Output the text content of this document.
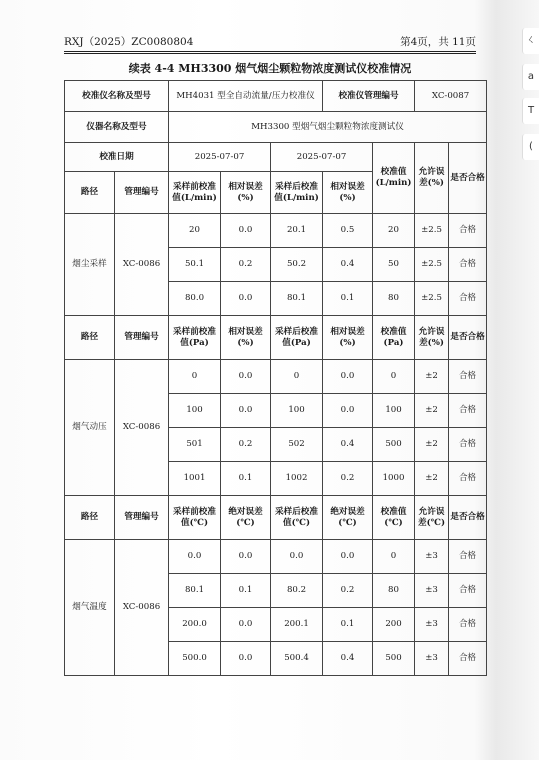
RXJ（2025）ZC0080804	第4页，共 11页
续表 4-4 MH3300 烟气烟尘颗粒物浓度测试仪校准情况
校准仪名称及型号		MH4031 型全自动流量/压力校准仪			校准仪管理编号		XC-0087	
仪器名称及型号		MH3300 型烟气烟尘颗粒物浓度测试仪						
校准日期		2025-07-07		2025-07-07		校准值(L/min)	允许误差(%)	是否合格
路径	管理编号	采样前校准值(L/min)	相对误差(%)	采样后校准值(L/min)	相对误差(%)			
烟尘采样	XC-0086	20	0.0	20.1	0.5	20	±2.5	合格
		50.1	0.2	50.2	0.4	50	±2.5	合格
		80.0	0.0	80.1	0.1	80	±2.5	合格
路径	管理编号	采样前校准值(Pa)	相对误差(%)	采样后校准值(Pa)	相对误差(%)	校准值(Pa)	允许误差(%)	是否合格
烟气动压	XC-0086	0	0.0	0	0.0	0	±2	合格
		100	0.0	100	0.0	100	±2	合格
		501	0.2	502	0.4	500	±2	合格
		1001	0.1	1002	0.2	1000	±2	合格
路径	管理编号	采样前校准值(℃)	绝对误差(℃)	采样后校准值(℃)	绝对误差(℃)	校准值(℃)	允许误差(℃)	是否合格
烟气温度	XC-0086	0.0	0.0	0.0	0.0	0	±3	合格
		80.1	0.1	80.2	0.2	80	±3	合格
		200.0	0.0	200.1	0.1	200	±3	合格
		500.0	0.0	500.4	0.4	500	±3	合格
ㄑ
a
T
(
